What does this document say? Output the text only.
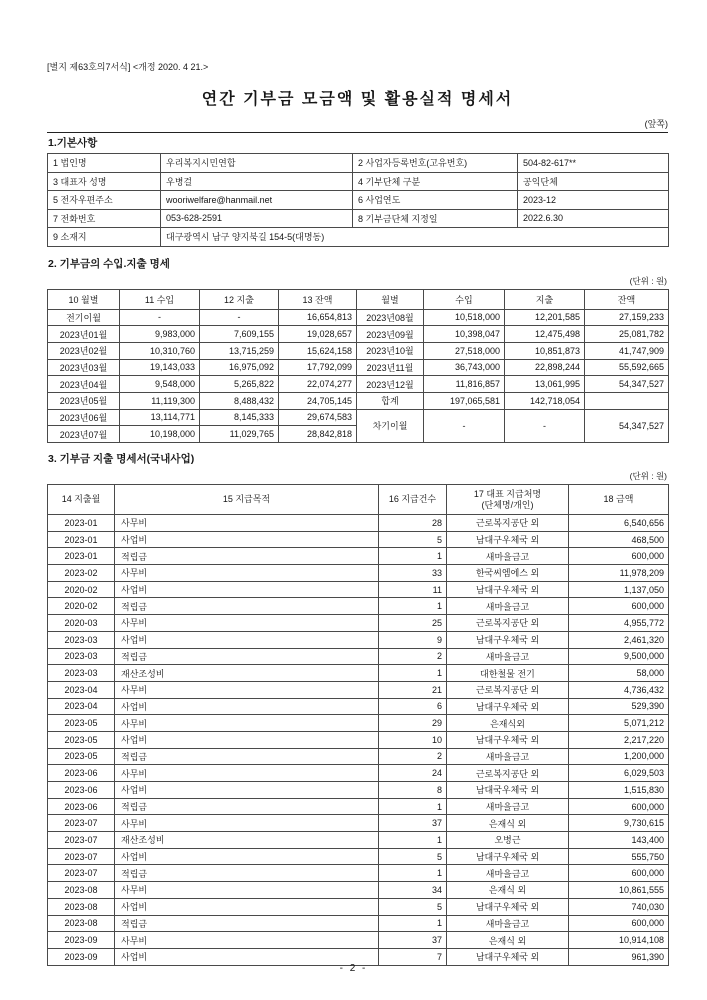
[별지 제63호의7서식] <개정 2020. 4 21.>
연간 기부금 모금액 및 활용실적 명세서
(앞쪽)
1.기본사항
1 법인명	우리복지시민연합	2 사업자등록번호(고유번호)	504-82-617**
3 대표자 성명	우병걸	4 기부단체 구분	공익단체
5 전자우편주소	wooriwelfare@hanmail.net	6 사업연도	2023-12
7 전화번호	053-628-2591	8 기부금단체 지정일	2022.6.30
9 소재지	대구광역시 남구 양지북길 154-5(대명동)		
2. 기부금의 수입.지출 명세
(단위 : 원)
10 월별	11 수입	12 지출	13 잔액	월별	수입	지출	잔액
전기이월	-	-	16,654,813	2023년08월	10,518,000	12,201,585	27,159,233
2023년01월	9,983,000	7,609,155	19,028,657	2023년09월	10,398,047	12,475,498	25,081,782
2023년02월	10,310,760	13,715,259	15,624,158	2023년10월	27,518,000	10,851,873	41,747,909
2023년03월	19,143,033	16,975,092	17,792,099	2023년11월	36,743,000	22,898,244	55,592,665
2023년04월	9,548,000	5,265,822	22,074,277	2023년12월	11,816,857	13,061,995	54,347,527
2023년05월	11,119,300	8,488,432	24,705,145	합계	197,065,581	142,718,054	
2023년06월	13,114,771	8,145,333	29,674,583	차기이월	-	-	54,347,527
2023년07월	10,198,000	11,029,765	28,842,818				
3. 기부금 지출 명세서(국내사업)
(단위 : 원)
14 지출월	15 지급목적	16 지급건수	17 대표 지급처명
(단체명/개인)	18 금액
2023-01	사무비	28	근로복지공단 외	6,540,656
2023-01	사업비	5	남대구우체국 외	468,500
2023-01	적립금	1	새마을금고	600,000
2023-02	사무비	33	한국씨엠에스 외	11,978,209
2020-02	사업비	11	남대구우체국 외	1,137,050
2020-02	적립금	1	새마을금고	600,000
2020-03	사무비	25	근로복지공단 외	4,955,772
2023-03	사업비	9	남대구우체국 외	2,461,320
2023-03	적립금	2	새마을금고	9,500,000
2023-03	재산조성비	1	대한철물 전기	58,000
2023-04	사무비	21	근로복지공단 외	4,736,432
2023-04	사업비	6	남대구우체국 외	529,390
2023-05	사무비	29	은재식외	5,071,212
2023-05	사업비	10	남대구우체국 외	2,217,220
2023-05	적립금	2	새마을금고	1,200,000
2023-06	사무비	24	근로복지공단 외	6,029,503
2023-06	사업비	8	남대국우체국 외	1,515,830
2023-06	적립금	1	새마을금고	600,000
2023-07	사무비	37	은재식 외	9,730,615
2023-07	재산조성비	1	오병근	143,400
2023-07	사업비	5	남대구우체국 외	555,750
2023-07	적립금	1	새마을금고	600,000
2023-08	사무비	34	은재식 외	10,861,555
2023-08	사업비	5	남대구우체국 외	740,030
2023-08	적립금	1	새마을금고	600,000
2023-09	사무비	37	은재식 외	10,914,108
2023-09	사업비	7	남대구우체국 외	961,390
- 2 -
